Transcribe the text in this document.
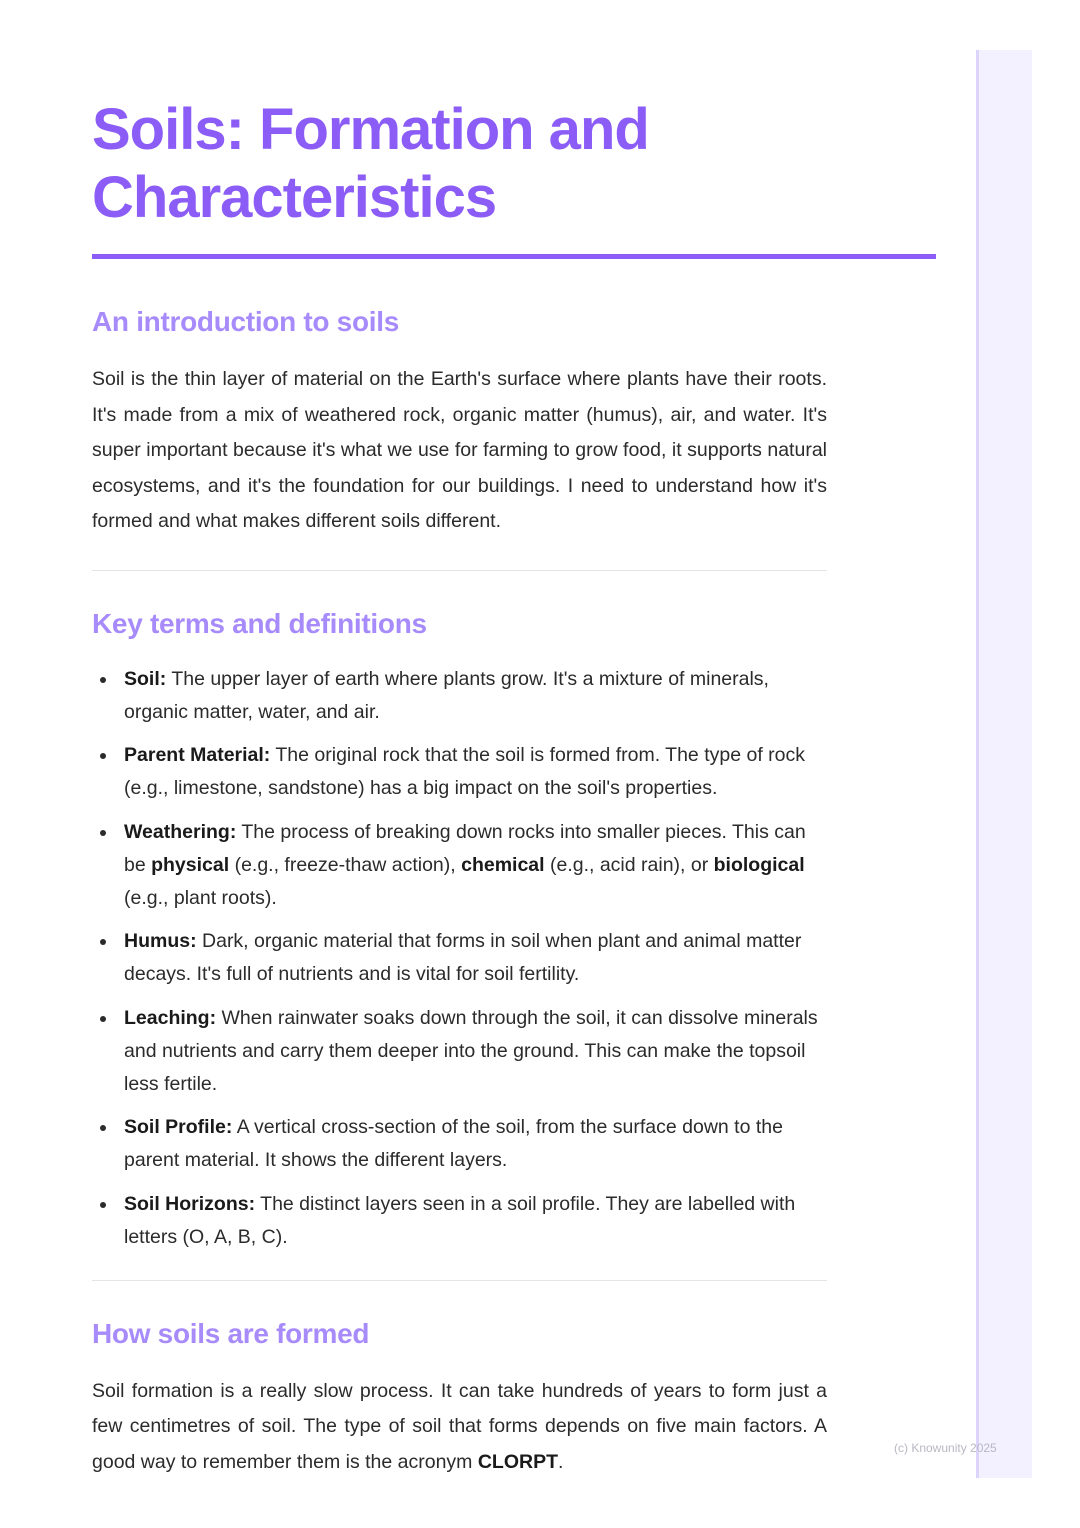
(c) Knowunity 2025
Soils: Formation and Characteristics
An introduction to soils

Soil is the thin layer of material on the Earth's surface where plants have their roots. It's made from a mix of weathered rock, organic matter (humus), air, and water. It's super important because it's what we use for farming to grow food, it supports natural ecosystems, and it's the foundation for our buildings. I need to understand how it's formed and what makes different soils different.

Key terms and definitions
Soil: The upper layer of earth where plants grow. It's a mixture of minerals, organic matter, water, and air.
Parent Material: The original rock that the soil is formed from. The type of rock (e.g., limestone, sandstone) has a big impact on the soil's properties.
Weathering: The process of breaking down rocks into smaller pieces. This can be physical (e.g., freeze-thaw action), chemical (e.g., acid rain), or biological (e.g., plant roots).
Humus: Dark, organic material that forms in soil when plant and animal matter decays. It's full of nutrients and is vital for soil fertility.
Leaching: When rainwater soaks down through the soil, it can dissolve minerals and nutrients and carry them deeper into the ground. This can make the topsoil less fertile.
Soil Profile: A vertical cross-section of the soil, from the surface down to the parent material. It shows the different layers.
Soil Horizons: The distinct layers seen in a soil profile. They are labelled with letters (O, A, B, C).
How soils are formed

Soil formation is a really slow process. It can take hundreds of years to form just a few centimetres of soil. The type of soil that forms depends on five main factors. A good way to remember them is the acronym CLORPT.
